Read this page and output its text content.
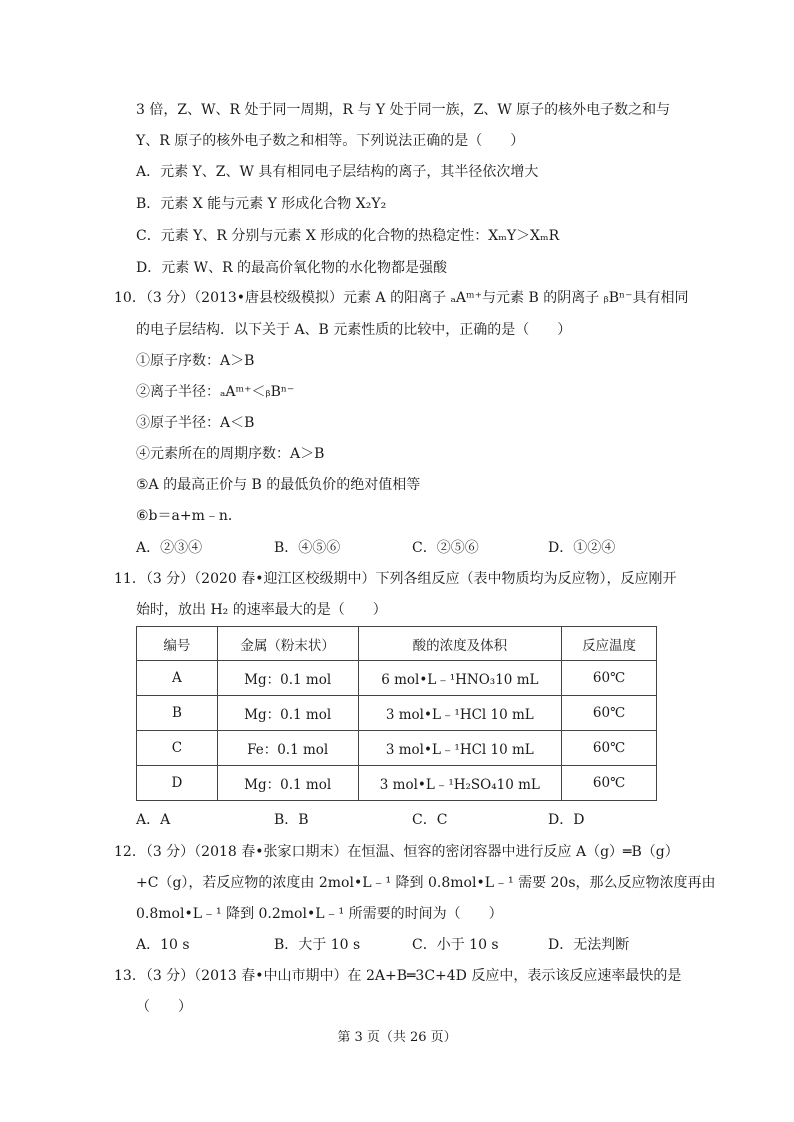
3 倍，Z、W、R 处于同一周期，R 与 Y 处于同一族，Z、W 原子的核外电子数之和与
Y、R 原子的核外电子数之和相等。下列说法正确的是（　　）
A．元素 Y、Z、W 具有相同电子层结构的离子，其半径依次增大
B．元素 X 能与元素 Y 形成化合物 X₂Y₂
C．元素 Y、R 分别与元素 X 形成的化合物的热稳定性：XₘY＞XₘR
D．元素 W、R 的最高价氧化物的水化物都是强酸
10．（3 分）（2013•唐县校级模拟）元素 A 的阳离子 ₐAᵐ⁺与元素 B 的阴离子 ᵦBⁿ⁻具有相同
的电子层结构．以下关于 A、B 元素性质的比较中，正确的是（　　）
①原子序数：A＞B
②离子半径：ₐAᵐ⁺＜ᵦBⁿ⁻
③原子半径：A＜B
④元素所在的周期序数：A＞B
⑤A 的最高正价与 B 的最低负价的绝对值相等
⑥b＝a+m﹣n．
A．②③④	B．④⑤⑥	C．②⑤⑥	D．①②④
11．（3 分）（2020 春•迎江区校级期中）下列各组反应（表中物质均为反应物），反应刚开
始时，放出 H₂ 的速率最大的是（　　）
编号	金属（粉末状）	酸的浓度及体积	反应温度
A	Mg：0.1 mol	6 mol•L﹣¹HNO₃10 mL	60℃
B	Mg：0.1 mol	3 mol•L﹣¹HCl 10 mL	60℃
C	Fe：0.1 mol	3 mol•L﹣¹HCl 10 mL	60℃
D	Mg：0.1 mol	3 mol•L﹣¹H₂SO₄10 mL	60℃
A．A	B．B	C．C	D．D
12．（3 分）（2018 春•张家口期末）在恒温、恒容的密闭容器中进行反应 A（g）═B（g）
+C（g），若反应物的浓度由 2mol•L﹣¹ 降到 0.8mol•L﹣¹ 需要 20s，那么反应物浓度再由
0.8mol•L﹣¹ 降到 0.2mol•L﹣¹ 所需要的时间为（　　）
A．10 s	B．大于 10 s	C．小于 10 s	D．无法判断
13．（3 分）（2013 春•中山市期中）在 2A+B═3C+4D 反应中，表示该反应速率最快的是
（　　）
第 3 页（共 26 页）
